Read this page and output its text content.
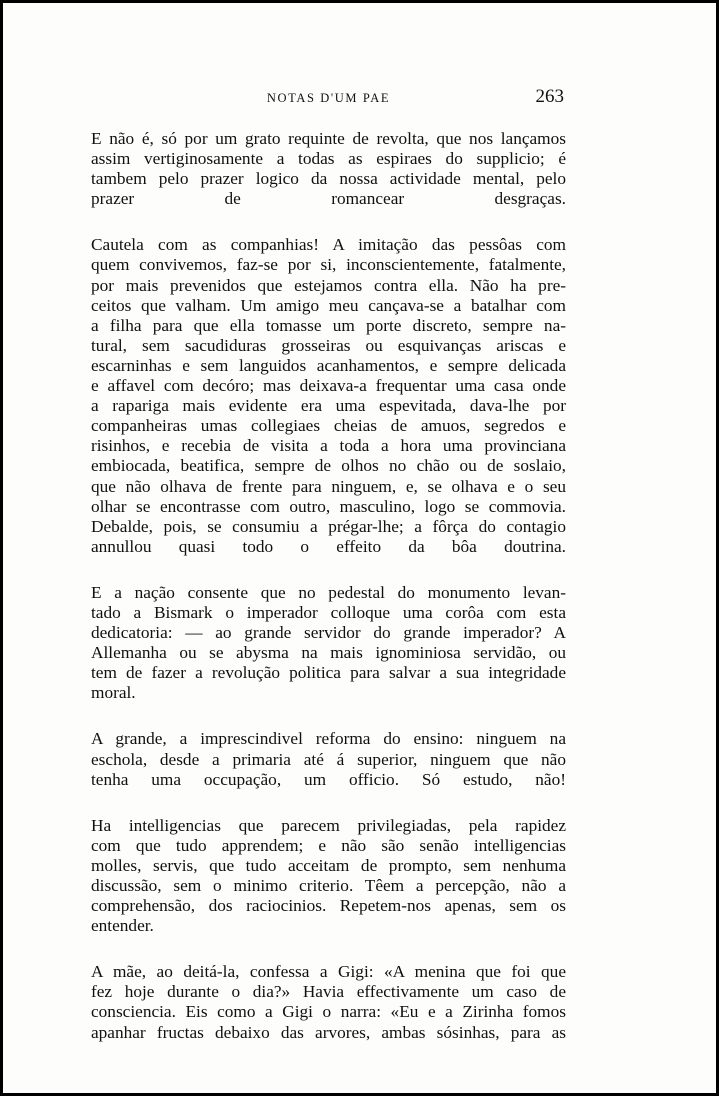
NOTAS D'UM PAE	263
E não é, só por um grato requinte de revolta, que nos lançamos
assim vertiginosamente a todas as espiraes do supplicio; é
tambem pelo prazer logico da nossa actividade mental, pelo
prazer de romancear desgraças.
Cautela com as companhias! A imitação das pessôas com
quem convivemos, faz-se por si, inconscientemente, fatalmente,
por mais prevenidos que estejamos contra ella. Não ha pre-
ceitos que valham. Um amigo meu cançava-se a batalhar com
a filha para que ella tomasse um porte discreto, sempre na-
tural, sem sacudiduras grosseiras ou esquivanças ariscas e
escarninhas e sem languidos acanhamentos, e sempre delicada
e affavel com decóro; mas deixava-a frequentar uma casa onde
a rapariga mais evidente era uma espevitada, dava-lhe por
companheiras umas collegiaes cheias de amuos, segredos e
risinhos, e recebia de visita a toda a hora uma provinciana
embiocada, beatifica, sempre de olhos no chão ou de soslaio,
que não olhava de frente para ninguem, e, se olhava e o seu
olhar se encontrasse com outro, masculino, logo se commovia.
Debalde, pois, se consumiu a prégar-lhe; a fôrça do contagio
annullou quasi todo o effeito da bôa doutrina.
E a nação consente que no pedestal do monumento levan-
tado a Bismark o imperador colloque uma corôa com esta
dedicatoria: — ao grande servidor do grande imperador? A
Allemanha ou se abysma na mais ignominiosa servidão, ou
tem de fazer a revolução politica para salvar a sua integridade
moral.
A grande, a imprescindivel reforma do ensino: ninguem na
eschola, desde a primaria até á superior, ninguem que não
tenha uma occupação, um officio. Só estudo, não!
Ha intelligencias que parecem privilegiadas, pela rapidez
com que tudo apprendem; e não são senão intelligencias
molles, servis, que tudo acceitam de prompto, sem nenhuma
discussão, sem o minimo criterio. Têem a percepção, não a
comprehensão, dos raciocinios. Repetem-nos apenas, sem os
entender.
A mãe, ao deitá-la, confessa a Gigi: «A menina que foi que
fez hoje durante o dia?» Havia effectivamente um caso de
consciencia. Eis como a Gigi o narra: «Eu e a Zirinha fomos
apanhar fructas debaixo das arvores, ambas sósinhas, para as
